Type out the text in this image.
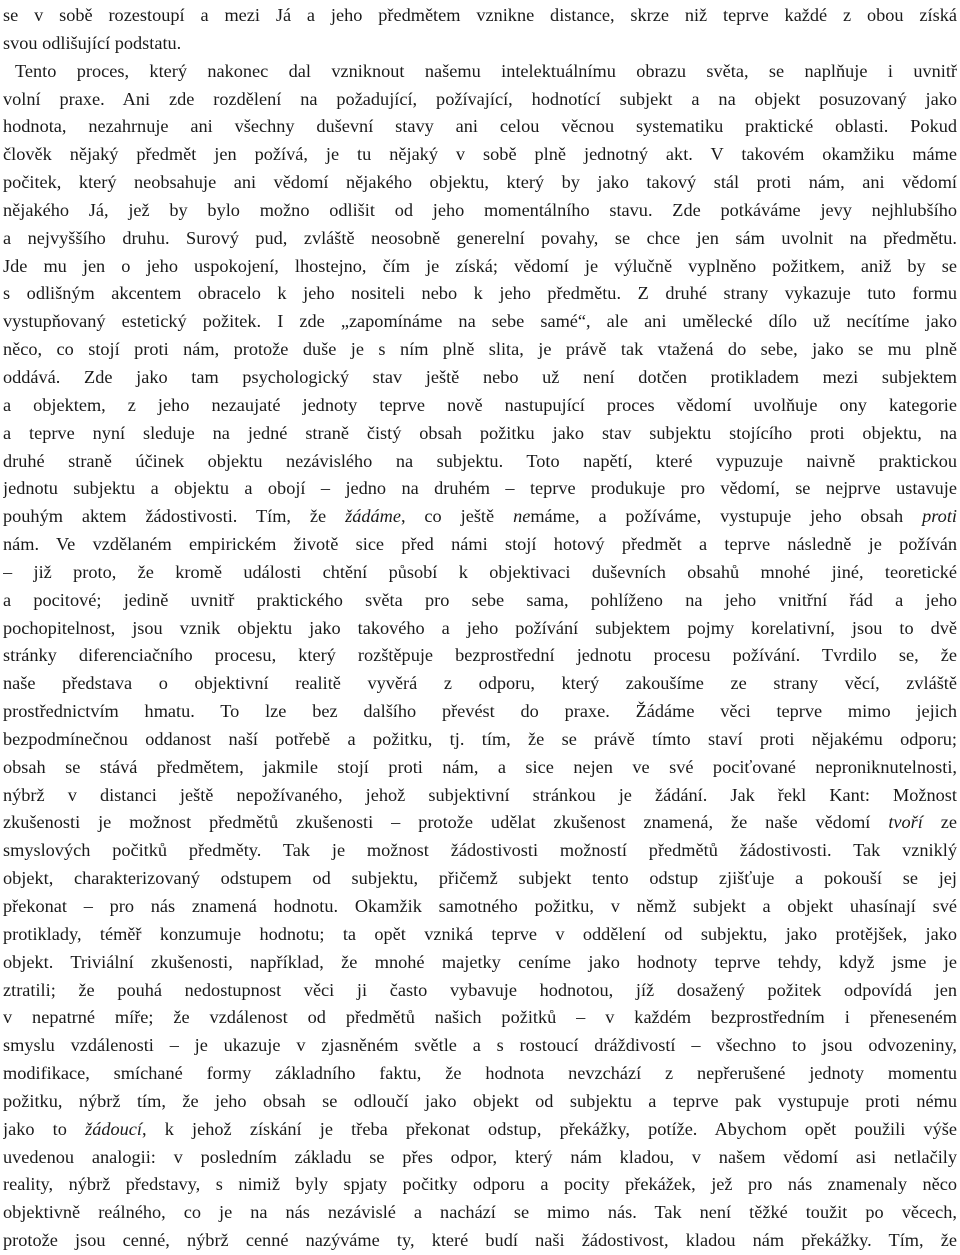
se v sobě rozestoupí a mezi Já a jeho předmětem vznikne distance, skrze niž teprve každé z obou získá
svou odlišující podstatu.
Tento proces, který nakonec dal vzniknout našemu intelektuálnímu obrazu světa, se naplňuje i uvnitř
volní praxe. Ani zde rozdělení na požadující, požívající, hodnotící subjekt a na objekt posuzovaný jako
hodnota, nezahrnuje ani všechny duševní stavy ani celou věcnou systematiku praktické oblasti. Pokud
člověk nějaký předmět jen požívá, je tu nějaký v sobě plně jednotný akt. V takovém okamžiku máme
počitek, který neobsahuje ani vědomí nějakého objektu, který by jako takový stál proti nám, ani vědomí
nějakého Já, jež by bylo možno odlišit od jeho momentálního stavu. Zde potkáváme jevy nejhlubšího
a nejvyššího druhu. Surový pud, zvláště neosobně generelní povahy, se chce jen sám uvolnit na předmětu.
Jde mu jen o jeho uspokojení, lhostejno, čím je získá; vědomí je výlučně vyplněno požitkem, aniž by se
s odlišným akcentem obracelo k jeho nositeli nebo k jeho předmětu. Z druhé strany vykazuje tuto formu
vystupňovaný estetický požitek. I zde „zapomínáme na sebe samé“, ale ani umělecké dílo už necítíme jako
něco, co stojí proti nám, protože duše je s ním plně slita, je právě tak vtažená do sebe, jako se mu plně
oddává. Zde jako tam psychologický stav ještě nebo už není dotčen protikladem mezi subjektem
a objektem, z jeho nezaujaté jednoty teprve nově nastupující proces vědomí uvolňuje ony kategorie
a teprve nyní sleduje na jedné straně čistý obsah požitku jako stav subjektu stojícího proti objektu, na
druhé straně účinek objektu nezávislého na subjektu. Toto napětí, které vypuzuje naivně praktickou
jednotu subjektu a objektu a obojí – jedno na druhém – teprve produkuje pro vědomí, se nejprve ustavuje
pouhým aktem žádostivosti. Tím, že žádáme, co ještě nemáme, a požíváme, vystupuje jeho obsah proti
nám. Ve vzdělaném empirickém životě sice před námi stojí hotový předmět a teprve následně je požíván
– již proto, že kromě události chtění působí k objektivaci duševních obsahů mnohé jiné, teoretické
a pocitové; jedině uvnitř praktického světa pro sebe sama, pohlíženo na jeho vnitřní řád a jeho
pochopitelnost, jsou vznik objektu jako takového a jeho požívání subjektem pojmy korelativní, jsou to dvě
stránky diferenciačního procesu, který rozštěpuje bezprostřední jednotu procesu požívání. Tvrdilo se, že
naše představa o objektivní realitě vyvěrá z odporu, který zakoušíme ze strany věcí, zvláště
prostřednictvím hmatu. To lze bez dalšího převést do praxe. Žádáme věci teprve mimo jejich
bezpodmínečnou oddanost naší potřebě a požitku, tj. tím, že se právě tímto staví proti nějakému odporu;
obsah se stává předmětem, jakmile stojí proti nám, a sice nejen ve své pociťované neproniknutelnosti,
nýbrž v distanci ještě nepožívaného, jehož subjektivní stránkou je žádání. Jak řekl Kant: Možnost
zkušenosti je možnost předmětů zkušenosti – protože udělat zkušenost znamená, že naše vědomí tvoří ze
smyslových počitků předměty. Tak je možnost žádostivosti možností předmětů žádostivosti. Tak vzniklý
objekt, charakterizovaný odstupem od subjektu, přičemž subjekt tento odstup zjišťuje a pokouší se jej
překonat – pro nás znamená hodnotu. Okamžik samotného požitku, v němž subjekt a objekt uhasínají své
protiklady, téměř konzumuje hodnotu; ta opět vzniká teprve v oddělení od subjektu, jako protějšek, jako
objekt. Triviální zkušenosti, například, že mnohé majetky ceníme jako hodnoty teprve tehdy, když jsme je
ztratili; že pouhá nedostupnost věci ji často vybavuje hodnotou, jíž dosažený požitek odpovídá jen
v nepatrné míře; že vzdálenost od předmětů našich požitků – v každém bezprostředním i přeneseném
smyslu vzdálenosti – je ukazuje v zjasněném světle a s rostoucí dráždivostí – všechno to jsou odvozeniny,
modifikace, smíchané formy základního faktu, že hodnota nevzchází z nepřerušené jednoty momentu
požitku, nýbrž tím, že jeho obsah se odloučí jako objekt od subjektu a teprve pak vystupuje proti nému
jako to žádoucí, k jehož získání je třeba překonat odstup, překážky, potíže. Abychom opět použili výše
uvedenou analogii: v posledním základu se přes odpor, který nám kladou, v našem vědomí asi netlačily
reality, nýbrž představy, s nimiž byly spjaty počitky odporu a pocity překážek, jež pro nás znamenaly něco
objektivně reálného, co je na nás nezávislé a nachází se mimo nás. Tak není těžké toužit po věcech,
protože jsou cenné, nýbrž cenné nazýváme ty, které budí naši žádostivost, kladou nám překážky. Tím, že
